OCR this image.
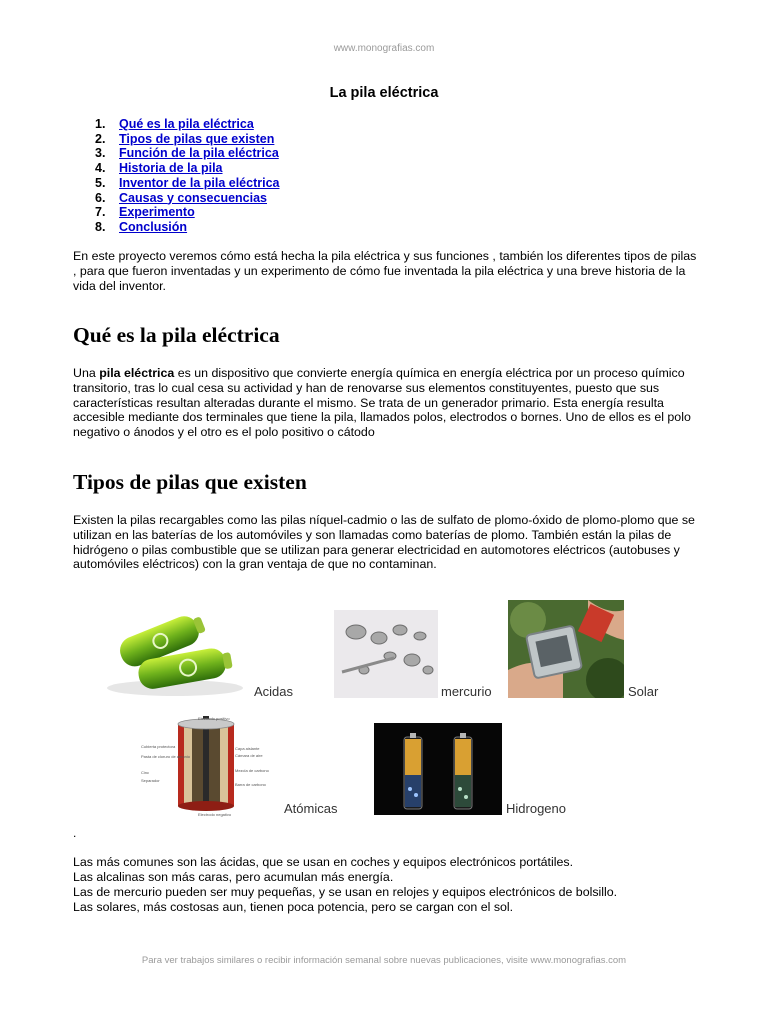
www.monografias.com
La pila eléctrica
1. Qué es la pila eléctrica
2. Tipos de pilas que existen
3. Función de la pila eléctrica
4. Historia de la pila
5. Inventor de la pila eléctrica
6. Causas y consecuencias
7. Experimento
8. Conclusión

En este proyecto veremos cómo está hecha la pila eléctrica y sus funciones , también los diferentes tipos de pilas , para que fueron inventadas y un experimento de cómo fue inventada la pila eléctrica y una breve historia de la vida del inventor.

Qué es la pila eléctrica

Una pila eléctrica es un dispositivo que convierte energía química en energía eléctrica por un proceso químico transitorio, tras lo cual cesa su actividad y han de renovarse sus elementos constituyentes, puesto que sus características resultan alteradas durante el mismo. Se trata de un generador primario. Esta energía resulta accesible mediante dos terminales que tiene la pila, llamados polos, electrodos o bornes. Uno de ellos es el polo negativo o ánodos y el otro es el polo positivo o cátodo

Tipos de pilas que existen

Existen la pilas recargables como las pilas níquel-cadmio o las de sulfato de plomo-óxido de plomo-plomo que se utilizan en las baterías de los automóviles y son llamadas como baterías de plomo. También están la pilas de hidrógeno o pilas combustible que se utilizan para generar electricidad en automotores eléctricos (autobuses y automóviles eléctricos) con la gran ventaja de que no contaminan.

Acidas	mercurio	Solar
Electrodo positivo
Cubierta protectora	Capa aislante
Cámara de aire
Pasta de cloruro de amonio
Mezcla de carbono
Cinc
Separador
Barra de carbono
Electrodo negativo	Atómicas	Hidrogeno
.
Las más comunes son las ácidas, que se usan en coches y equipos electrónicos portátiles.
Las alcalinas son más caras, pero acumulan más energía.
Las de mercurio pueden ser muy pequeñas, y se usan en relojes y equipos electrónicos de bolsillo.
Las solares, más costosas aun, tienen poca potencia, pero se cargan con el sol.
Para ver trabajos similares o recibir información semanal sobre nuevas publicaciones, visite www.monografias.com
